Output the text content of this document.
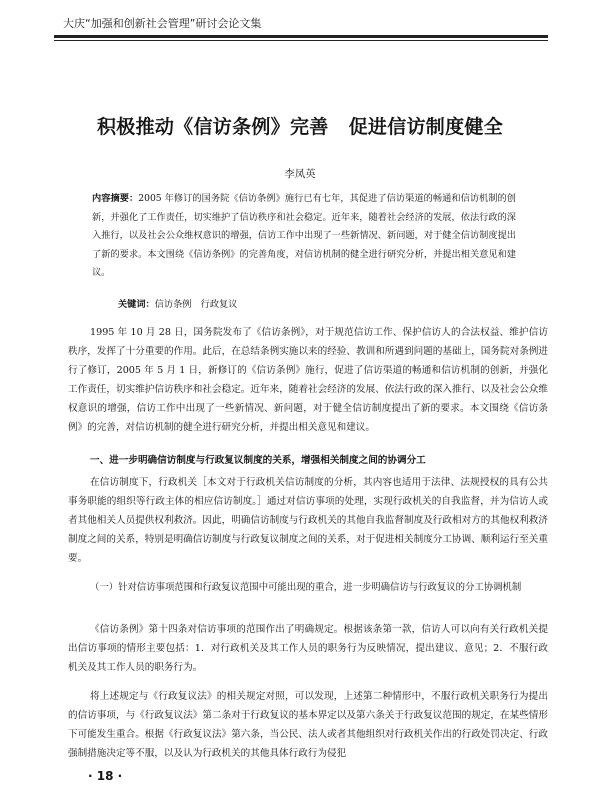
大庆“加强和创新社会管理”研讨会论文集
积极推动《信访条例》完善 促进信访制度健全
李凤英
内容摘要：2005 年修订的国务院《信访条例》施行已有七年，其促进了信访渠道的畅通和信访机制的创新，并强化了工作责任，切实维护了信访秩序和社会稳定。近年来，随着社会经济的发展，依法行政的深入推行，以及社会公众维权意识的增强，信访工作中出现了一些新情况、新问题，对于健全信访制度提出了新的要求。本文围绕《信访条例》的完善角度，对信访机制的健全进行研究分析，并提出相关意见和建议。
关键词：信访条例　行政复议
1995 年 10 月 28 日，国务院发布了《信访条例》，对于规范信访工作、保护信访人的合法权益、维护信访秩序，发挥了十分重要的作用。此后，在总结条例实施以来的经验、教训和所遇到问题的基础上，国务院对条例进行了修订，2005 年 5 月 1 日，新修订的《信访条例》施行，促进了信访渠道的畅通和信访机制的创新，并强化工作责任，切实维护信访秩序和社会稳定。近年来，随着社会经济的发展、依法行政的深入推行、以及社会公众维权意识的增强，信访工作中出现了一些新情况、新问题，对于健全信访制度提出了新的要求。本文围绕《信访条例》的完善，对信访机制的健全进行研究分析，并提出相关意见和建议。
一、进一步明确信访制度与行政复议制度的关系，增强相关制度之间的协调分工
在信访制度下，行政机关［本文对于行政机关信访制度的分析，其内容也适用于法律、法规授权的具有公共事务职能的组织等行政主体的相应信访制度。］通过对信访事项的处理，实现行政机关的自我监督，并为信访人或者其他相关人员提供权利救济。因此，明确信访制度与行政机关的其他自我监督制度及行政相对方的其他权利救济制度之间的关系，特别是明确信访制度与行政复议制度之间的关系，对于促进相关制度分工协调、顺利运行至关重要。
（一）针对信访事项范围和行政复议范围中可能出现的重合，进一步明确信访与行政复议的分工协调机制
《信访条例》第十四条对信访事项的范围作出了明确规定。根据该条第一款，信访人可以向有关行政机关提出信访事项的情形主要包括：1．对行政机关及其工作人员的职务行为反映情况，提出建议、意见；2．不服行政机关及其工作人员的职务行为。
将上述规定与《行政复议法》的相关规定对照，可以发现，上述第二种情形中，不服行政机关职务行为提出的信访事项，与《行政复议法》第二条对于行政复议的基本界定以及第六条关于行政复议范围的规定，在某些情形下可能发生重合。根据《行政复议法》第六条，当公民、法人或者其他组织对行政机关作出的行政处罚决定、行政强制措施决定等不服，以及认为行政机关的其他具体行政行为侵犯
· 18 ·
